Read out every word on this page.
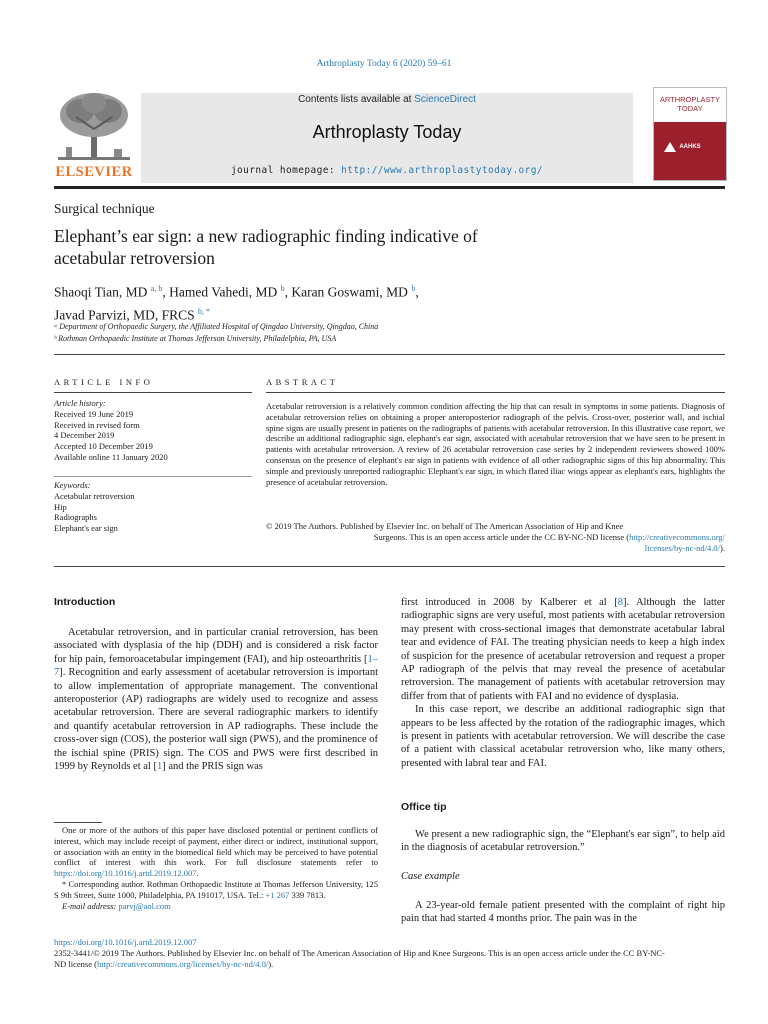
Arthroplasty Today 6 (2020) 59–61
ELSEVIER
Contents lists available at ScienceDirect
Arthroplasty Today
journal homepage: http://www.arthroplastytoday.org/
ARTHROPLASTY TODAY
AAHKS
Surgical technique
Elephant’s ear sign: a new radiographic finding indicative of
acetabular retroversion
Shaoqi Tian, MD $^{a, b}$, Hamed Vahedi, MD $^b$, Karan Goswami, MD $^b$,
Javad Parvizi, MD, FRCS $^{b, *}$
ᵃ Department of Orthopaedic Surgery, the Affiliated Hospital of Qingdao University, Qingdao, China
ᵇ Rothman Orthopaedic Institute at Thomas Jefferson University, Philadelphia, PA, USA
ARTICLE INFO
Article history:
Received 19 June 2019
Received in revised form
4 December 2019
Accepted 10 December 2019
Available online 11 January 2020
Keywords:
Acetabular retroversion
Hip
Radiographs
Elephant's ear sign
ABSTRACT
Acetabular retroversion is a relatively common condition affecting the hip that can result in symptoms in some patients. Diagnosis of acetabular retroversion relies on obtaining a proper anteroposterior radiograph of the pelvis. Cross-over, posterior wall, and ischial spine signs are usually present in patients on the radiographs of patients with acetabular retroversion. In this illustrative case report, we describe an additional radiographic sign, elephant's ear sign, associated with acetabular retroversion that we have seen to be present in patients with acetabular retroversion. A review of 26 acetabular retroversion case series by 2 independent reviewers showed 100% consensus on the presence of elephant's ear sign in patients with evidence of all other radiographic signs of this hip abnormality. This simple and previously unreported radiographic Elephant's ear sign, in which flared iliac wings appear as elephant's ears, highlights the presence of acetabular retroversion.
© 2019 The Authors. Published by Elsevier Inc. on behalf of The American Association of Hip and Knee
Surgeons. This is an open access article under the CC BY-NC-ND license (http://creativecommons.org/
licenses/by-nc-nd/4.0/).
Introduction

Acetabular retroversion, and in particular cranial retroversion, has been associated with dysplasia of the hip (DDH) and is considered a risk factor for hip pain, femoroacetabular impingement (FAI), and hip osteoarthritis [1–7]. Recognition and early assessment of acetabular retroversion is important to allow implementation of appropriate management. The conventional anteroposterior (AP) radiographs are widely used to recognize and assess acetabular retroversion. There are several radiographic markers to identify and quantify acetabular retroversion in AP radiographs. These include the cross-over sign (COS), the posterior wall sign (PWS), and the prominence of the ischial spine (PRIS) sign. The COS and PWS were first described in 1999 by Reynolds et al [1] and the PRIS sign was

One or more of the authors of this paper have disclosed potential or pertinent conflicts of interest, which may include receipt of payment, either direct or indirect, institutional support, or association with an entity in the biomedical field which may be perceived to have potential conflict of interest with this work. For full disclosure statements refer to https://doi.org/10.1016/j.artd.2019.12.007.

* Corresponding author. Rothman Orthopaedic Institute at Thomas Jefferson University, 125 S 9th Street, Suite 1000, Philadelphia, PA 191017, USA. Tel.: +1 267 339 7813.

E-mail address: parvj@aol.com

first introduced in 2008 by Kalberer et al [8]. Although the latter radiographic signs are very useful, most patients with acetabular retroversion may present with cross-sectional images that demonstrate acetabular labral tear and evidence of FAI. The treating physician needs to keep a high index of suspicion for the presence of acetabular retroversion and request a proper AP radiograph of the pelvis that may reveal the presence of acetabular retroversion. The management of patients with acetabular retroversion may differ from that of patients with FAI and no evidence of dysplasia.

In this case report, we describe an additional radiographic sign that appears to be less affected by the rotation of the radiographic images, which is present in patients with acetabular retroversion. We will describe the case of a patient with classical acetabular retroversion who, like many others, presented with labral tear and FAI.

Office tip

We present a new radiographic sign, the “Elephant's ear sign”, to help aid in the diagnosis of acetabular retroversion.”

Case example

A 23-year-old female patient presented with the complaint of right hip pain that had started 4 months prior. The pain was in the

https://doi.org/10.1016/j.artd.2019.12.007
2352-3441/© 2019 The Authors. Published by Elsevier Inc. on behalf of The American Association of Hip and Knee Surgeons. This is an open access article under the CC BY-NC-
ND license (http://creativecommons.org/licenses/by-nc-nd/4.0/).
